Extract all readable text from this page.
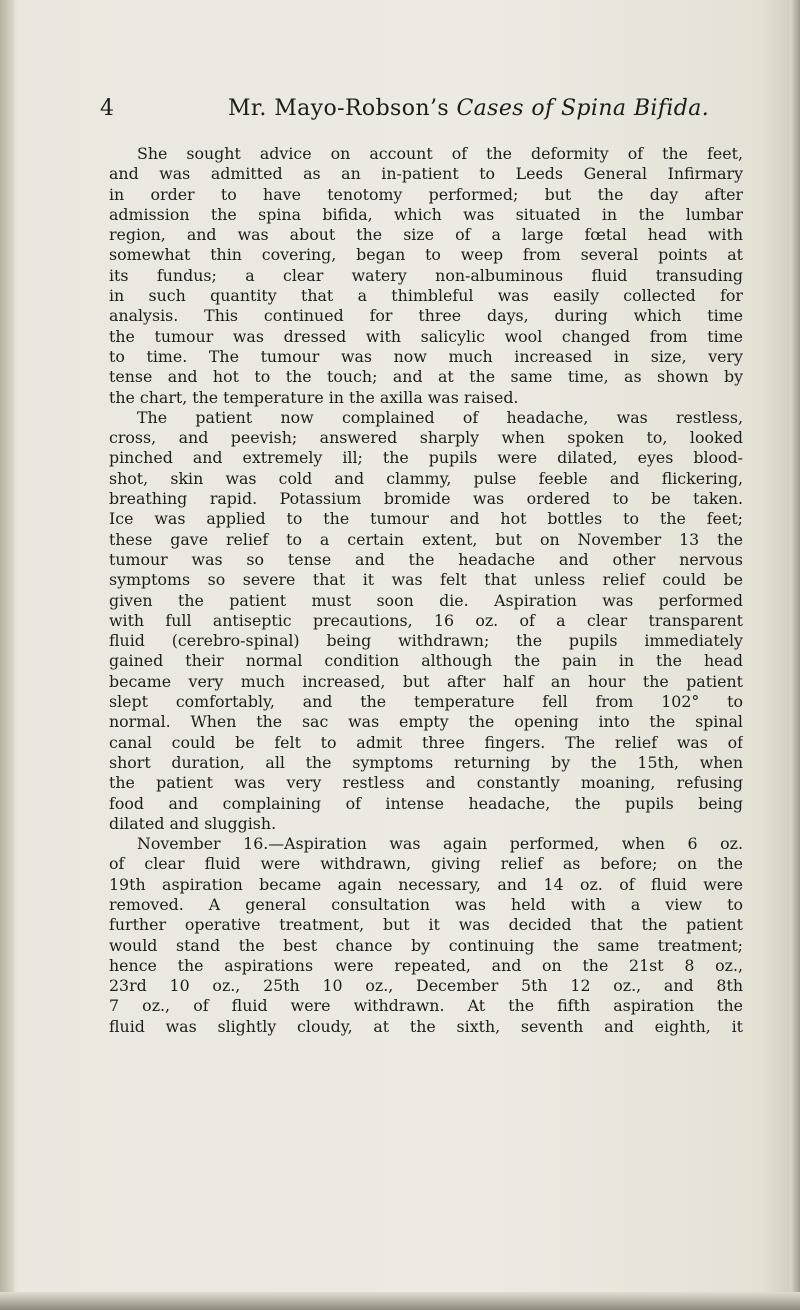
4	Mr. Mayo-Robson’s Cases of Spina Bifida.
She sought advice on account of the deformity of the feet,
and was admitted as an in-patient to Leeds General Infirmary
in order to have tenotomy performed; but the day after
admission the spina bifida, which was situated in the lumbar
region, and was about the size of a large fœtal head with
somewhat thin covering, began to weep from several points at
its fundus; a clear watery non-albuminous fluid transuding
in such quantity that a thimbleful was easily collected for
analysis. This continued for three days, during which time
the tumour was dressed with salicylic wool changed from time
to time. The tumour was now much increased in size, very
tense and hot to the touch; and at the same time, as shown by
the chart, the temperature in the axilla was raised.
The patient now complained of headache, was restless,
cross, and peevish; answered sharply when spoken to, looked
pinched and extremely ill; the pupils were dilated, eyes blood-
shot, skin was cold and clammy, pulse feeble and flickering,
breathing rapid. Potassium bromide was ordered to be taken.
Ice was applied to the tumour and hot bottles to the feet;
these gave relief to a certain extent, but on November 13 the
tumour was so tense and the headache and other nervous
symptoms so severe that it was felt that unless relief could be
given the patient must soon die. Aspiration was performed
with full antiseptic precautions, 16 oz. of a clear transparent
fluid (cerebro-spinal) being withdrawn; the pupils immediately
gained their normal condition although the pain in the head
became very much increased, but after half an hour the patient
slept comfortably, and the temperature fell from 102° to
normal. When the sac was empty the opening into the spinal
canal could be felt to admit three fingers. The relief was of
short duration, all the symptoms returning by the 15th, when
the patient was very restless and constantly moaning, refusing
food and complaining of intense headache, the pupils being
dilated and sluggish.
November 16.—Aspiration was again performed, when 6 oz.
of clear fluid were withdrawn, giving relief as before; on the
19th aspiration became again necessary, and 14 oz. of fluid were
removed. A general consultation was held with a view to
further operative treatment, but it was decided that the patient
would stand the best chance by continuing the same treatment;
hence the aspirations were repeated, and on the 21st 8 oz.,
23rd 10 oz., 25th 10 oz., December 5th 12 oz., and 8th
7 oz., of fluid were withdrawn. At the fifth aspiration the
fluid was slightly cloudy, at the sixth, seventh and eighth, it
